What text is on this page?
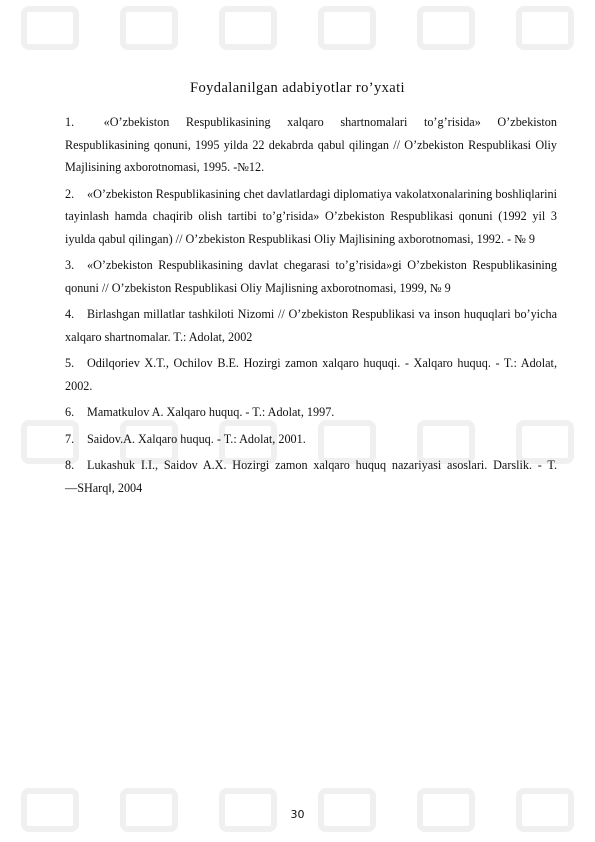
Foydalanilgan adabiyotlar ro’yxati

1. «O’zbekiston Respublikasining xalqaro shartnomalari to’g’risida» O’zbekiston Respublikasining qonuni, 1995 yilda 22 dekabrda qabul qilingan // O’zbekiston Respublikasi Oliy Majlisining axborotnomasi, 1995. -№12.

2. «O’zbekiston Respublikasining chet davlatlardagi diplomatiya vakolatxonalarining boshliqlarini tayinlash hamda chaqirib olish tartibi to’g’risida» O’zbekiston Respublikasi qonuni (1992 yil 3 iyulda qabul qilingan) // O’zbekiston Respublikasi Oliy Majlisining axborotnomasi, 1992. - № 9

3. «O’zbekiston Respublikasining davlat chegarasi to’g’risida»gi O’zbekiston Respublikasining qonuni // O’zbekiston Respublikasi Oliy Majlisning axborotnomasi, 1999, № 9

4. Birlashgan millatlar tashkiloti Nizomi // O’zbekiston Respublikasi va inson huquqlari bo’yicha xalqaro shartnomalar. T.: Adolat, 2002

5. Odilqoriev X.T., Ochilov B.E. Hozirgi zamon xalqaro huquqi. - Xalqaro huquq. - T.: Adolat, 2002.

6. Mamatkulov A. Xalqaro huquq. - T.: Adolat, 1997.

7. Saidov.A. Xalqaro huquq. - T.: Adolat, 2001.

8. Lukashuk I.I., Saidov A.X. Hozirgi zamon xalqaro huquq nazariyasi asoslari. Darslik. - T. ―SHarq‖, 2004

30
